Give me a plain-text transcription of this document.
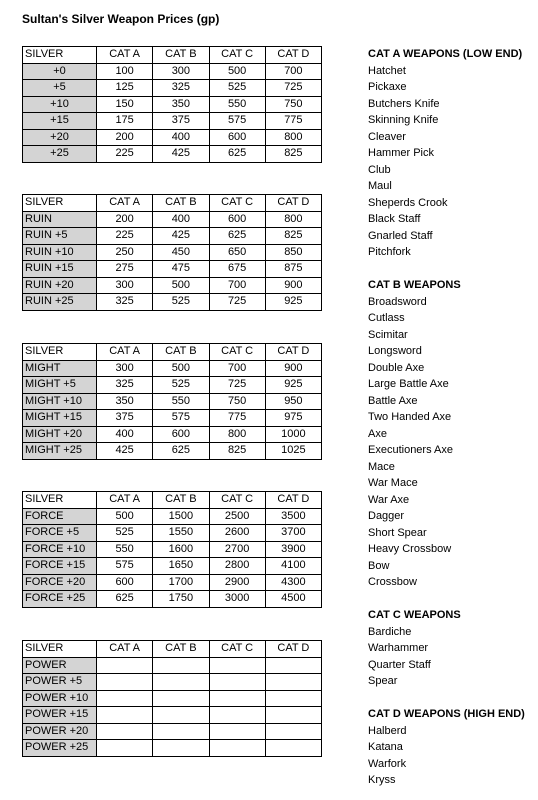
Sultan's Silver Weapon Prices (gp)
SILVER	CAT A	CAT B	CAT C	CAT D
+0	100	300	500	700
+5	125	325	525	725
+10	150	350	550	750
+15	175	375	575	775
+20	200	400	600	800
+25	225	425	625	825
SILVER	CAT A	CAT B	CAT C	CAT D
RUIN	200	400	600	800
RUIN +5	225	425	625	825
RUIN +10	250	450	650	850
RUIN +15	275	475	675	875
RUIN +20	300	500	700	900
RUIN +25	325	525	725	925
SILVER	CAT A	CAT B	CAT C	CAT D
MIGHT	300	500	700	900
MIGHT +5	325	525	725	925
MIGHT +10	350	550	750	950
MIGHT +15	375	575	775	975
MIGHT +20	400	600	800	1000
MIGHT +25	425	625	825	1025
SILVER	CAT A	CAT B	CAT C	CAT D
FORCE	500	1500	2500	3500
FORCE +5	525	1550	2600	3700
FORCE +10	550	1600	2700	3900
FORCE +15	575	1650	2800	4100
FORCE +20	600	1700	2900	4300
FORCE +25	625	1750	3000	4500
SILVER	CAT A	CAT B	CAT C	CAT D
POWER				
POWER +5				
POWER +10				
POWER +15				
POWER +20				
POWER +25				
CAT A WEAPONS (LOW END)
Hatchet
Pickaxe
Butchers Knife
Skinning Knife
Cleaver
Hammer Pick
Club
Maul
Sheperds Crook
Black Staff
Gnarled Staff
Pitchfork
CAT B WEAPONS
Broadsword
Cutlass
Scimitar
Longsword
Double Axe
Large Battle Axe
Battle Axe
Two Handed Axe
Axe
Executioners Axe
Mace
War Mace
War Axe
Dagger
Short Spear
Heavy Crossbow
Bow
Crossbow
CAT C WEAPONS
Bardiche
Warhammer
Quarter Staff
Spear
CAT D WEAPONS (HIGH END)
Halberd
Katana
Warfork
Kryss
